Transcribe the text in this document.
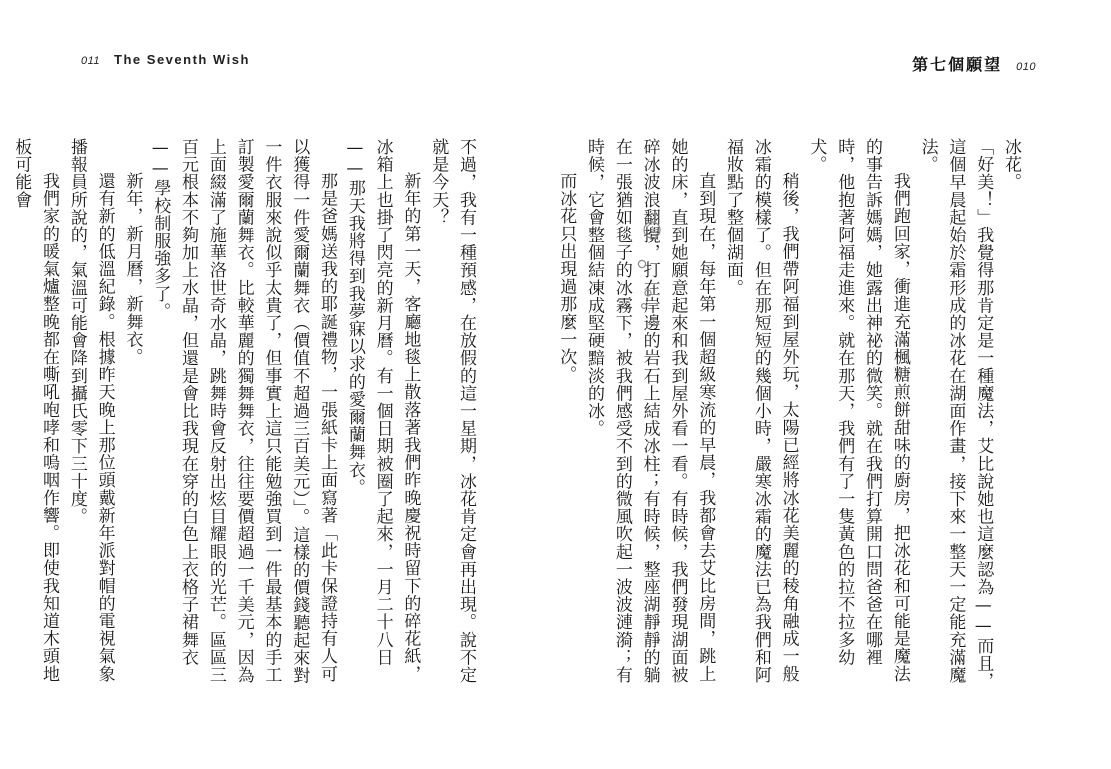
011 The Seventh Wish	第七個願望 010

冰花。

「好美！」我覺得那肯定是一種魔法，艾比說她也這麼認為——而且，這個早晨起始於霜形成的冰花在湖面作畫，接下來一整天一定能充滿魔法。

我們跑回家，衝進充滿楓糖煎餅甜味的廚房，把冰花和可能是魔法的事告訴媽媽，她露出神祕的微笑。就在我們打算開口問爸爸在哪裡時，他抱著阿福走進來。就在那天，我們有了一隻黃色的拉不拉多幼犬。

稍後，我們帶阿福到屋外玩，太陽已經將冰花美麗的稜角融成一般冰霜的模樣了。但在那短短的幾個小時，嚴寒冰霜的魔法已為我們和阿福妝點了整個湖面。

直到現在，每年第一個超級寒流的早晨，我都會去艾比房間，跳上她的床，直到她願意起來和我到屋外看一看。有時候，我們發現湖面被碎冰波浪翻攪，打在岸邊的岩石上結成冰柱；有時候，整座湖靜靜的躺在一張猶如毯子的冰霧下，被我們感受不到的微風吹起一波波漣漪；有時候，它會整個結凍成堅硬黯淡的冰。

而冰花只出現過那麼一次。

不過，我有一種預感，在放假的這一星期，冰花肯定會再出現。說不定就是今天？

新年的第一天，客廳地毯上散落著我們昨晚慶祝時留下的碎花紙，冰箱上也掛了閃亮的新月曆。有一個日期被圈了起來，一月二十八日——那天我將得到我夢寐以求的愛爾蘭舞衣。

那是爸媽送我的耶誕禮物，一張紙卡上面寫著「此卡保證持有人可以獲得一件愛爾蘭舞衣（價值不超過三百美元）」。這樣的價錢聽起來對一件衣服來說似乎太貴了，但事實上這只能勉強買到一件最基本的手工訂製愛爾蘭舞衣。比較華麗的獨舞舞衣，往往要價超過一千美元，因為上面綴滿了施華洛世奇水晶，跳舞時會反射出炫目耀眼的光芒。區區三百元根本不夠加上水晶，但還是會比我現在穿的白色上衣格子裙舞衣——學校制服強多了。

新年，新月曆，新舞衣。

還有新的低溫紀錄。根據昨天晚上那位頭戴新年派對帽的電視氣象播報員所說的，氣溫可能會降到攝氏零下三十度。

我們家的暖氣爐整晚都在嘶吼咆哮和嗚咽作響。即使我知道木頭地板可能會
